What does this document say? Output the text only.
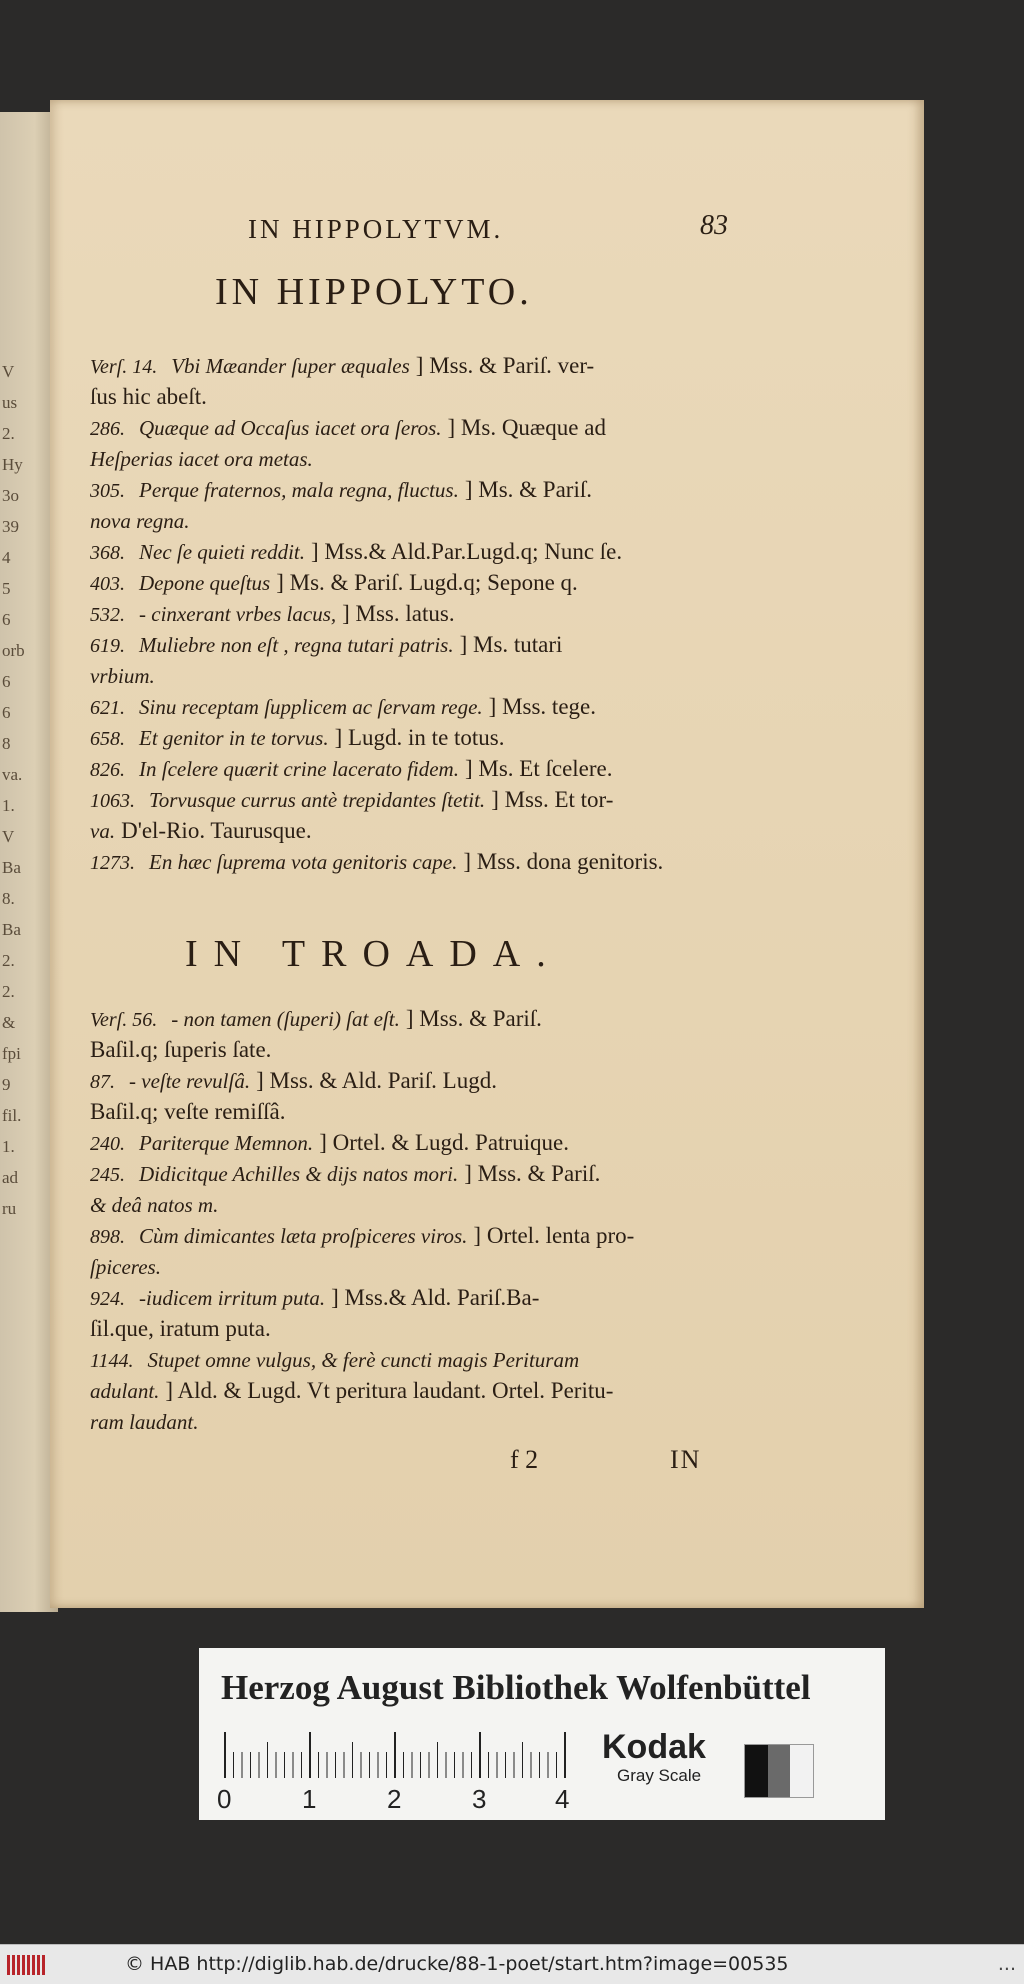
V
us
2.
Hy
3o
39
4
5
6
orb
6
6
8
va.
1.
V
Ba
8.
Ba
2.
2.
&
fpi
9
fil.
1.
ad
ru
IN HIPPOLYTVM.	83
IN HIPPOLYTO.
Verſ. 14. Vbi Mæander ſuper æquales ] Mss. & Pariſ. ver-
ſus hic abeſt.
286. Quæque ad Occaſus iacet ora ſeros. ] Ms. Quæque ad
Heſperias iacet ora metas.
305. Perque fraternos, mala regna, fluctus. ] Ms. & Pariſ.
nova regna.
368. Nec ſe quieti reddit. ] Mss.& Ald.Par.Lugd.q; Nunc ſe.
403. Depone queſtus ] Ms. & Pariſ. Lugd.q; Sepone q.
532. - cinxerant vrbes lacus, ] Mss. latus.
619. Muliebre non eſt , regna tutari patris. ] Ms. tutari
vrbium.
621. Sinu receptam ſupplicem ac ſervam rege. ] Mss. tege.
658. Et genitor in te torvus. ] Lugd. in te totus.
826. In ſcelere quærit crine lacerato fidem. ] Ms. Et ſcelere.
1063. Torvusque currus antè trepidantes ſtetit. ] Mss. Et tor-
va. D'el-Rio. Taurusque.
1273. En hæc ſuprema vota genitoris cape. ] Mss. dona genitoris.
IN TROADA.
Verſ. 56. - non tamen (ſuperi) ſat eſt. ] Mss. & Pariſ.
Baſil.q; ſuperis ſate.
87. - veſte revulſâ. ] Mss. & Ald. Pariſ. Lugd.
Baſil.q; veſte remiſſâ.
240. Pariterque Memnon. ] Ortel. & Lugd. Patruique.
245. Didicitque Achilles & dijs natos mori. ] Mss. & Pariſ.
& deâ natos m.
898. Cùm dimicantes læta proſpiceres viros. ] Ortel. lenta pro-
ſpiceres.
924. -iudicem irritum puta. ] Mss.& Ald. Pariſ.Ba-
ſil.que, iratum puta.
1144. Stupet omne vulgus, & ferè cuncti magis Perituram
adulant. ] Ald. & Lugd. Vt peritura laudant. Ortel. Peritu-
ram laudant.
f 2	IN
Herzog August Bibliothek Wolfenbüttel
0	1	2	3	4
Kodak
Gray Scale
© HAB http://diglib.hab.de/drucke/88-1-poet/start.htm?image=00535	...
